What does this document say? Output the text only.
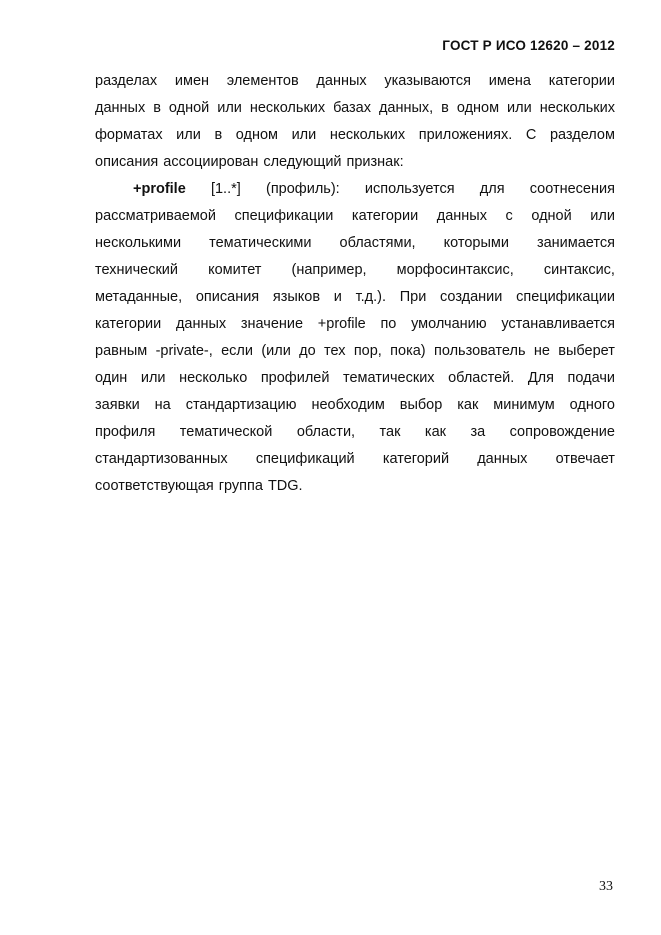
ГОСТ Р ИСО 12620 – 2012
разделах имен элементов данных указываются имена категории
данных в одной или нескольких базах данных, в одном или нескольких
форматах или в одном или нескольких приложениях. С разделом
описания ассоциирован следующий признак:
+profile [1..*] (профиль): используется для соотнесения
рассматриваемой спецификации категории данных с одной или
несколькими тематическими областями, которыми занимается
технический комитет (например, морфосинтаксис, синтаксис,
метаданные, описания языков и т.д.). При создании спецификации
категории данных значение +profile по умолчанию устанавливается
равным -private-, если (или до тех пор, пока) пользователь не выберет
один или несколько профилей тематических областей. Для подачи
заявки на стандартизацию необходим выбор как минимум одного
профиля тематической области, так как за сопровождение
стандартизованных спецификаций категорий данных отвечает
соответствующая группа TDG.
33
